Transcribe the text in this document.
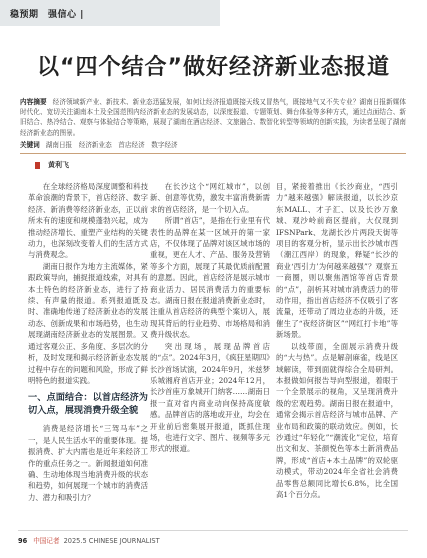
稳预期　强信心 |
以“四个结合”做好经济新业态报道
内容摘要 经济领域新产业、新技术、新业态迅猛发展，如何让经济报道既接天线又冒热气，既接地气又不失专业？湖南日报新媒体时代化、宽切关注湖南本土及全国范围内经济新业态的发展动态，以深度报道、专题策划、舞台体验等多种方式，通过点面结合、新旧结合、热冷结合、观察与体验结合等策略，展现了湖南在酒店经济、文旅融合、数智化转型等领域的创新实践，为读者呈现了湖南经济新业态的图景。
关键词 湖南日报　经济新业态　首店经济　数字经济
黄利飞

在全球经济格局深度调整和科技革命浪潮的背景下，首店经济、数字经济、新消费等经济新业态，正以前所未有的速度和规模蓬勃兴起，成为推动经济增长、重塑产业结构的关键动力，也深刻改变着人们的生活方式与消费观念。

湖南日报作为地方主流媒体，紧跟政策导向，捕捉报道线索，对具有本土特色的经济新业态，进行了持续、有声量的报道。系列报道既及时、准确地传递了经济新业态的发展动态、创新成果和市场趋势，也生动展现湖南经济新业态的发展图景。又通过客观公正、多角度、多层次的分析，及时发现和揭示经济新业态发展过程中存在的问题和风险，形成了鲜明特色的报道实践。

一、点面结合：以首店经济为切入点，展现消费升级全貌

消费是经济增长“三驾马车”之一，是人民生活水平的重要体现。提振消费、扩大内需也是近年来经济工作的重点任务之一。新闻报道如何准确、生动地体现当地消费升级的状态和趋势，如何展现一个城市的消费活力、潜力和吸引力？

在长沙这个“网红城市”，以创新、创意等优势，激发丰富消费新需求的首店经济，是一个切入点。

所谓“首店”，是指在行业里有代表性的品牌在某一区域开的第一家店，不仅体现了品牌对该区域市场的重视，更在人才、产品、服务及营销等多个方面，展现了其最优质前配置的意愿。因此，首店经济是展示城市商业活力、居民消费活力的重要标志。湖南日报在报道消费新业态时，注重从首店经济的典型个案切入，展现其背后的行业趋势、市场格局和消费升级状态。

突出现场，展现品牌首店的“点”。2024年3月，《疯狂星期四》长沙首场试演，2024年9月，米兹梦乐城湘府首店开业；2024年12月，长沙首座万象城开门纳客……湖南日报一直对省内商业动向保持高度敏感。品牌首店的落地或开业，均会在开业前后密集展开报道，既抓住现场，也进行文字、图片、视频等多元形式的报道。

目，紧接着推出《长沙商业，“西引力”越来越强》解读报道，以长沙京东MALL、才子汇、以及长沙万象城、观沙岭前商区提前，大仅现到IFSNPark、龙湖长沙片两段天街等项目的客观分析，显示出长沙城市西（潮江西岸）的现象，释疑“长沙的商业‘西引力’为何越来越强”？观察五一商圈，则以聚焦酒馆等首店背景的“点”，剖析其对城市消费活力的带动作用，指出首店经济不仅吸引了客流量，还带动了周边业态的升级，还催生了“夜经济街区”“网红打卡地”等新场景。

以线带面，全面展示消费升级的“大与热”。点是解剖麻雀，线是区域解读，带到面就得综合全局研判。本报做如何报告导向型报道，着眼于一个全景展示的视角，又呈现消费升级的宏观趋势。湖南日报在报道中，通常会揭示首店经济与城市品牌、产业布局和政策的联动效应。例如，长沙通过“年轻化”“潮流化”定位，培育出文和友、茶颜悦色等本土新消费品牌，形成“首店+本土品牌”的双轮驱动模式，带动2024年全省社会消费品零售总额同比增长6.8%，比全国高1个百分点。

96 中国记者 2025.5 CHINESE JOURNALIST
